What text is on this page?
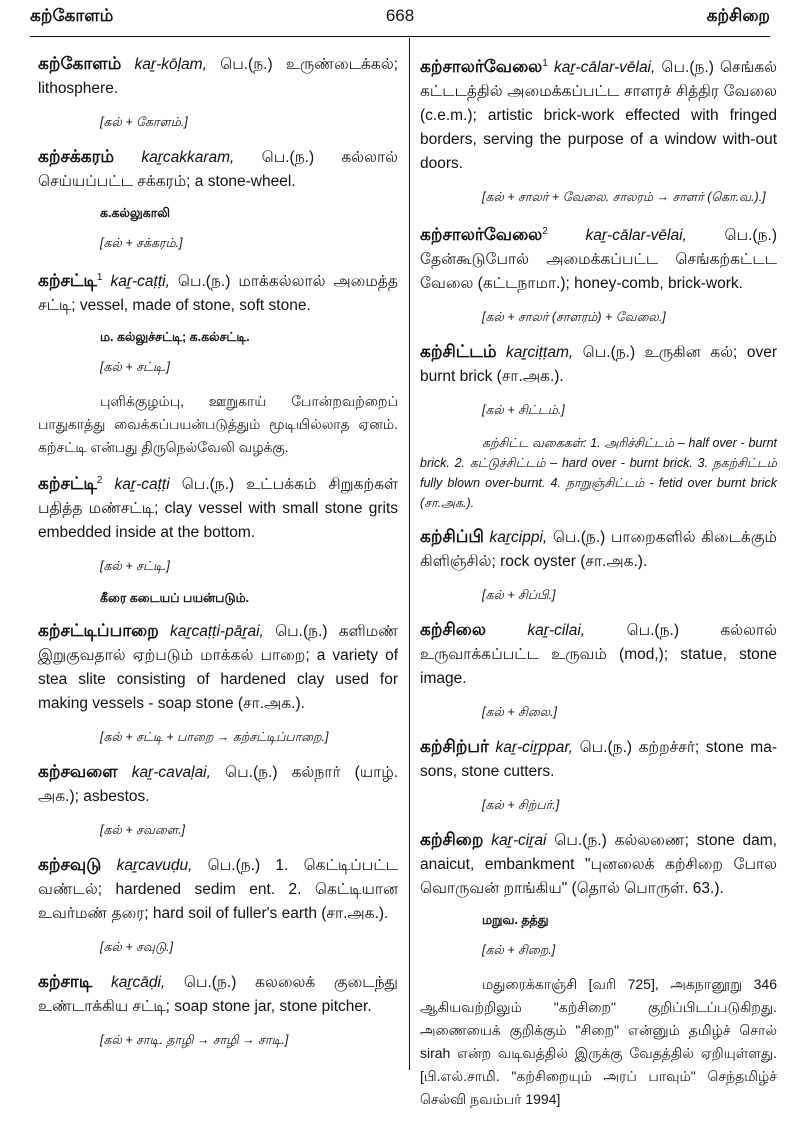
கற்கோளம்	668	கற்சிறை

கற்கோளம் kaṟ-kōḷam, பெ.(ந.) உருண்டைக்கல்; lithosphere.

[கல் + கோளம்.]

கற்சக்கரம் kaṟcakkaram, பெ.(ந.) கல்லால் செய்யப்பட்ட சக்கரம்; a stone-wheel.

க.கல்லுகாலி
[கல் + சக்கரம்.]

கற்சட்டி$^1$ kaṟ-caṭṭi, பெ.(ந.) மாக்கல்லால் அமைத்த சட்டி; vessel, made of stone, soft stone.

ம. கல்லுச்சட்டி; க.கல்சட்டி.
[கல் + சட்டி.]

புளிக்குழம்பு, ஊறுகாய் போன்றவற்றைப் பாதுகாத்து வைக்கப்பயன்படுத்தும் மூடியில்லாத ஏனம். கற்சட்டி என்பது திருநெல்வேலி வழக்கு.

கற்சட்டி$^2$ kaṟ-caṭṭi பெ.(ந.) உட்பக்கம் சிறுகற்கள் பதித்த மண்சட்டி; clay vessel with small stone grits embedded inside at the bottom.

[கல் + சட்டி.]
கீரை கடையப் பயன்படும்.

கற்சட்டிப்பாறை kaṟcaṭṭi-pāṟai, பெ.(ந.) களிமண் இறுகுவதால் ஏற்படும் மாக்கல் பாறை; a variety of stea slite consisting of hardened clay used for making vessels - soap stone (சா.அக.).

[கல் + சட்டி + பாறை → கற்சட்டிப்பாறை.]

கற்சவளை kaṟ-cavaḷai, பெ.(ந.) கல்நார் (யாழ். அக.); asbestos.

[கல் + சவளை.]

கற்சவுடு kaṟcavuḍu, பெ.(ந.) 1. கெட்டிப்பட்ட வண்டல்; hardened sedim ent. 2. கெட்டியான உவர்மண் தரை; hard soil of fuller's earth (சா.அக.).

[கல் + சவுடு.]

கற்சாடி kaṟcāḍi, பெ.(ந.) கலலைக் குடைந்து உண்டாக்கிய சட்டி; soap stone jar, stone pitcher.

[கல் + சாடி. தாழி → சாழி → சாடி.]

கற்சாலர்வேலை$^1$ kaṟ-cālar-vēlai, பெ.(ந.) செங்கல் கட்டடத்தில் அமைக்கப்பட்ட சாளரச் சித்திர வேலை (c.e.m.); artistic brick-work effected with fringed borders, serving the purpose of a window with-out doors.

[கல் + சாலர் + வேலை. சாலரம் → சாளர் (கொ.வ.).]

கற்சாலர்வேலை$^2$ kaṟ-cālar-vēlai, பெ.(ந.) தேன்கூடுபோல் அமைக்கப்பட்ட செங்கற்கட்டட வேலை (கட்டநாமா.); honey-comb, brick-work.

[கல் + சாலர் (சாளரம்) + வேலை.]

கற்சிட்டம் kaṟciṭṭam, பெ.(ந.) உருகின கல்; over burnt brick (சா.அக.).

[கல் + சிட்டம்.]

கற்சிட்ட வகைகள்: 1. அரிச்சிட்டம் – half over - burnt brick. 2. கட்டுச்சிட்டம் – hard over - burnt brick. 3. நகற்சிட்டம் fully blown over-burnt. 4. நாறுஞ்சிட்டம் - fetid over burnt brick (சா.அக.).

கற்சிப்பி kaṟcippi, பெ.(ந.) பாறைகளில் கிடைக்கும் கிளிஞ்சில்; rock oyster (சா.அக.).

[கல் + சிப்பி.]

கற்சிலை	kaṟ-cilai, பெ.(ந.) கல்லால் உருவாக்கப்பட்ட உருவம் (mod,); statue, stone image.

[கல் + சிலை.]

கற்சிற்பர் kaṟ-ciṟppar, பெ.(ந.) கற்றச்சர்; stone ma-sons, stone cutters.

[கல் + சிற்பர்.]

கற்சிறை kaṟ-ciṟai பெ.(ந.) கல்லணை; stone dam, anaicut, embankment "புனலைக் கற்சிறை போல வொருவன் றாங்கிய" (தொல் பொருள். 63.).

மறுவ. தத்து
[கல் + சிறை.]

மதுரைக்காஞ்சி [வரி 725], அகநானூறு 346 ஆகியவற்றிலும் "கற்சிறை" குறிப்பிடப்படுகிறது. அணையைக் குறிக்கும் "சிறை" என்னும் தமிழ்ச் சொல் sirah என்ற வடிவத்தில் இருக்கு வேதத்தில் ஏறியுள்ளது. [பி.எல்.சாமி. "கற்சிறையும் அரப் பாவும்" செந்தமிழ்ச் செல்வி நவம்பர் 1994]
